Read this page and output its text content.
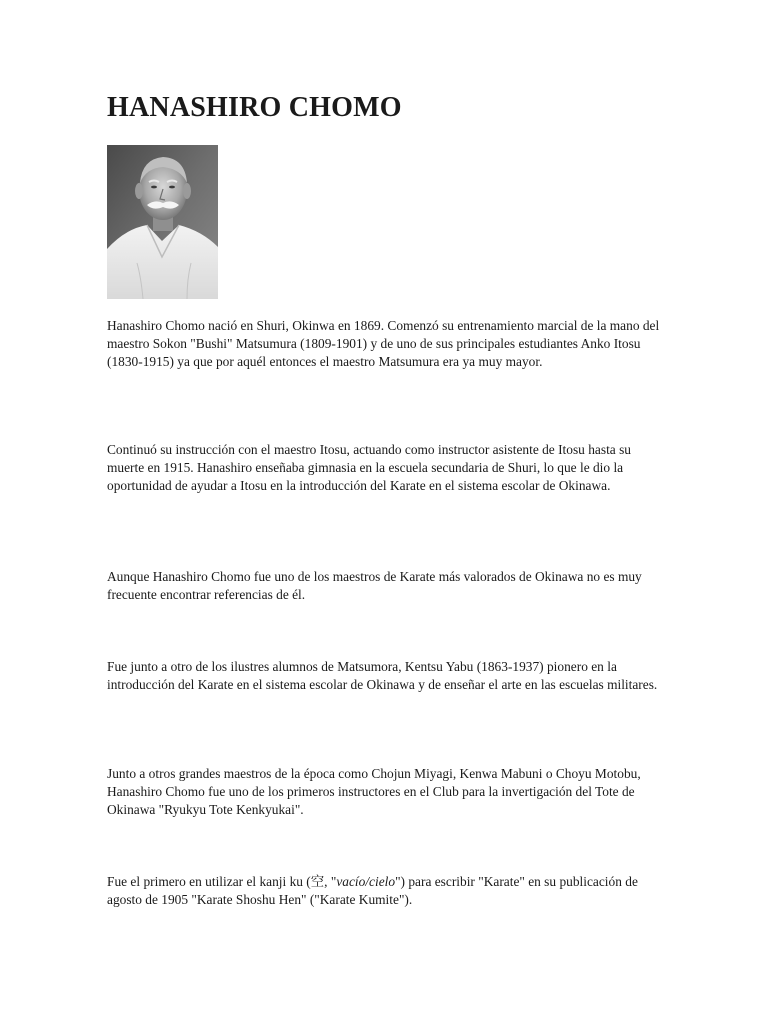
HANASHIRO CHOMO

Hanashiro Chomo nació en Shuri, Okinwa en 1869. Comenzó su entrenamiento marcial de la mano del maestro Sokon "Bushi" Matsumura (1809-1901) y de uno de sus principales estudiantes Anko Itosu (1830-1915) ya que por aquél entonces el maestro Matsumura era ya muy mayor.

Continuó su instrucción con el maestro Itosu, actuando como instructor asistente de Itosu hasta su muerte en 1915. Hanashiro enseñaba gimnasia en la escuela secundaria de Shuri, lo que le dio la oportunidad de ayudar a Itosu en la introducción del Karate en el sistema escolar de Okinawa.

Aunque Hanashiro Chomo fue uno de los maestros de Karate más valorados de Okinawa no es muy frecuente encontrar referencias de él.

Fue junto a otro de los ilustres alumnos de Matsumora, Kentsu Yabu (1863-1937) pionero en la introducción del Karate en el sistema escolar de Okinawa y de enseñar el arte en las escuelas militares.

Junto a otros grandes maestros de la época como Chojun Miyagi, Kenwa Mabuni o Choyu Motobu, Hanashiro Chomo fue uno de los primeros instructores en el Club para la invertigación del Tote de Okinawa "Ryukyu Tote Kenkyukai".

Fue el primero en utilizar el kanji ku (空, "vacío/cielo") para escribir "Karate" en su publicación de agosto de 1905 "Karate Shoshu Hen" ("Karate Kumite").
